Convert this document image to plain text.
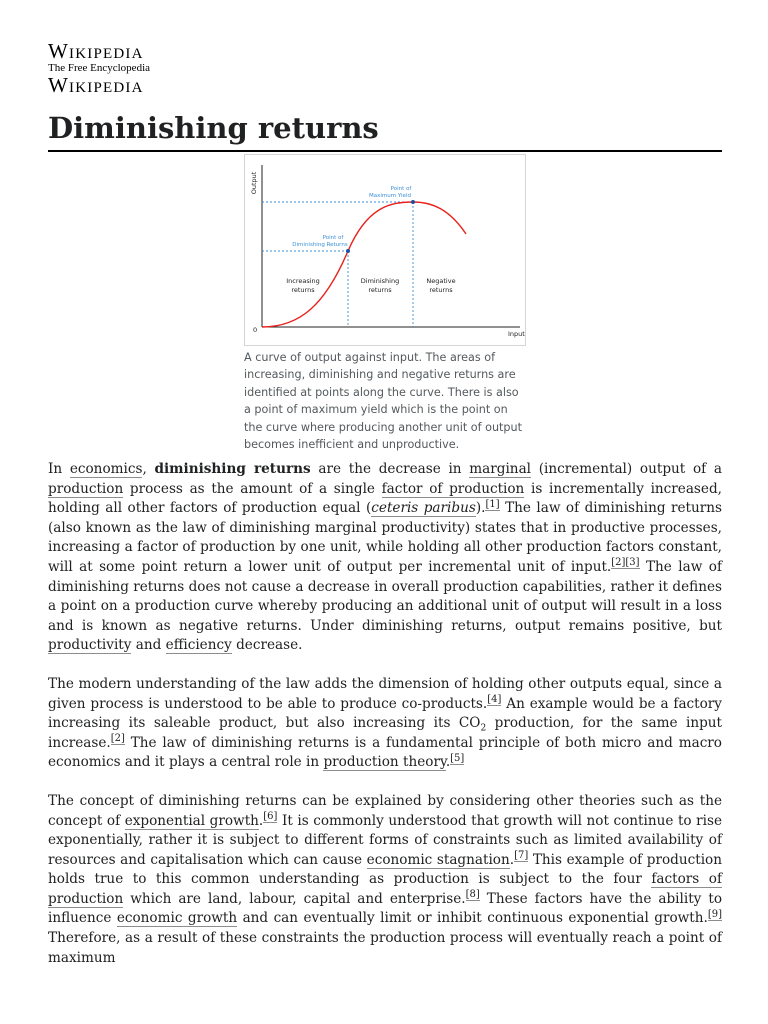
Wikipedia
The Free Encyclopedia
Wikipedia
Diminishing returns
Output
Input
0
Point of
Maximum Yield
Point of
Diminishing Returns
Increasing
returns
Diminishing
returns
Negative
returns
A curve of output against input. The areas of increasing, diminishing and negative returns are identified at points along the curve. There is also a point of maximum yield which is the point on the curve where producing another unit of output becomes inefficient and unproductive.

In economics, diminishing returns are the decrease in marginal (incremental) output of a production process as the amount of a single factor of production is incrementally increased, holding all other factors of production equal (ceteris paribus).[1] The law of diminishing returns (also known as the law of diminishing marginal productivity) states that in productive processes, increasing a factor of production by one unit, while holding all other production factors constant, will at some point return a lower unit of output per incremental unit of input.[2][3] The law of diminishing returns does not cause a decrease in overall production capabilities, rather it defines a point on a production curve whereby producing an additional unit of output will result in a loss and is known as negative returns. Under diminishing returns, output remains positive, but productivity and efficiency decrease.

The modern understanding of the law adds the dimension of holding other outputs equal, since a given process is understood to be able to produce co-products.[4] An example would be a factory increasing its saleable product, but also increasing its $CO_2$ production, for the same input increase.[2] The law of diminishing returns is a fundamental principle of both micro and macro economics and it plays a central role in production theory.[5]

The concept of diminishing returns can be explained by considering other theories such as the concept of exponential growth.[6] It is commonly understood that growth will not continue to rise exponentially, rather it is subject to different forms of constraints such as limited availability of resources and capitalisation which can cause economic stagnation.[7] This example of production holds true to this common understanding as production is subject to the four factors of production which are land, labour, capital and enterprise.[8] These factors have the ability to influence economic growth and can eventually limit or inhibit continuous exponential growth.[9] Therefore, as a result of these constraints the production process will eventually reach a point of maximum
